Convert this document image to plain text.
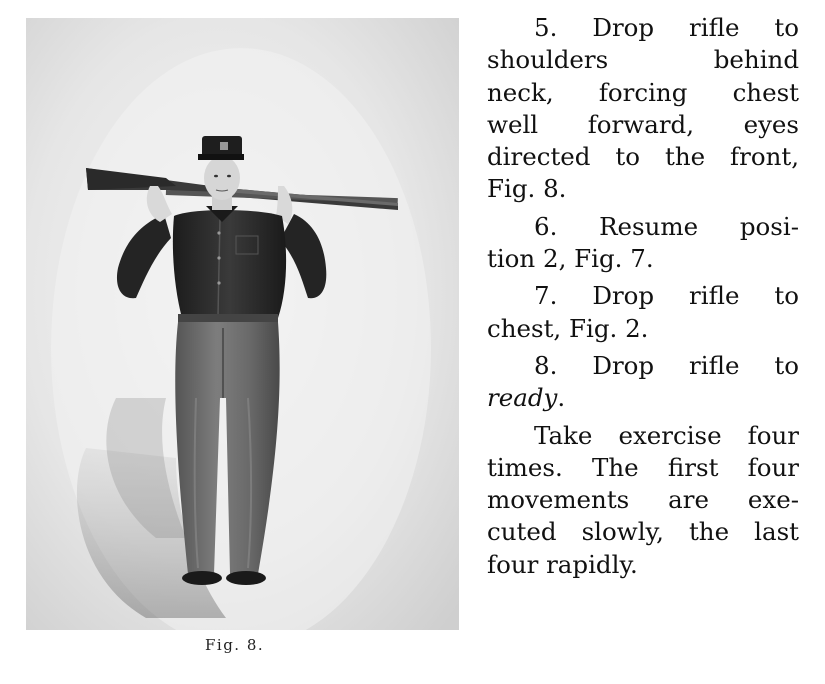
Fig. 8.
5. Drop rifle to
shoulders behind
neck, forcing chest
well forward, eyes
directed to the front,
Fig. 8.
6. Resume posi-
tion 2, Fig. 7.
7. Drop rifle to
chest, Fig. 2.
8. Drop rifle to
ready.
Take exercise four
times. The first four
movements are exe-
cuted slowly, the last
four rapidly.
